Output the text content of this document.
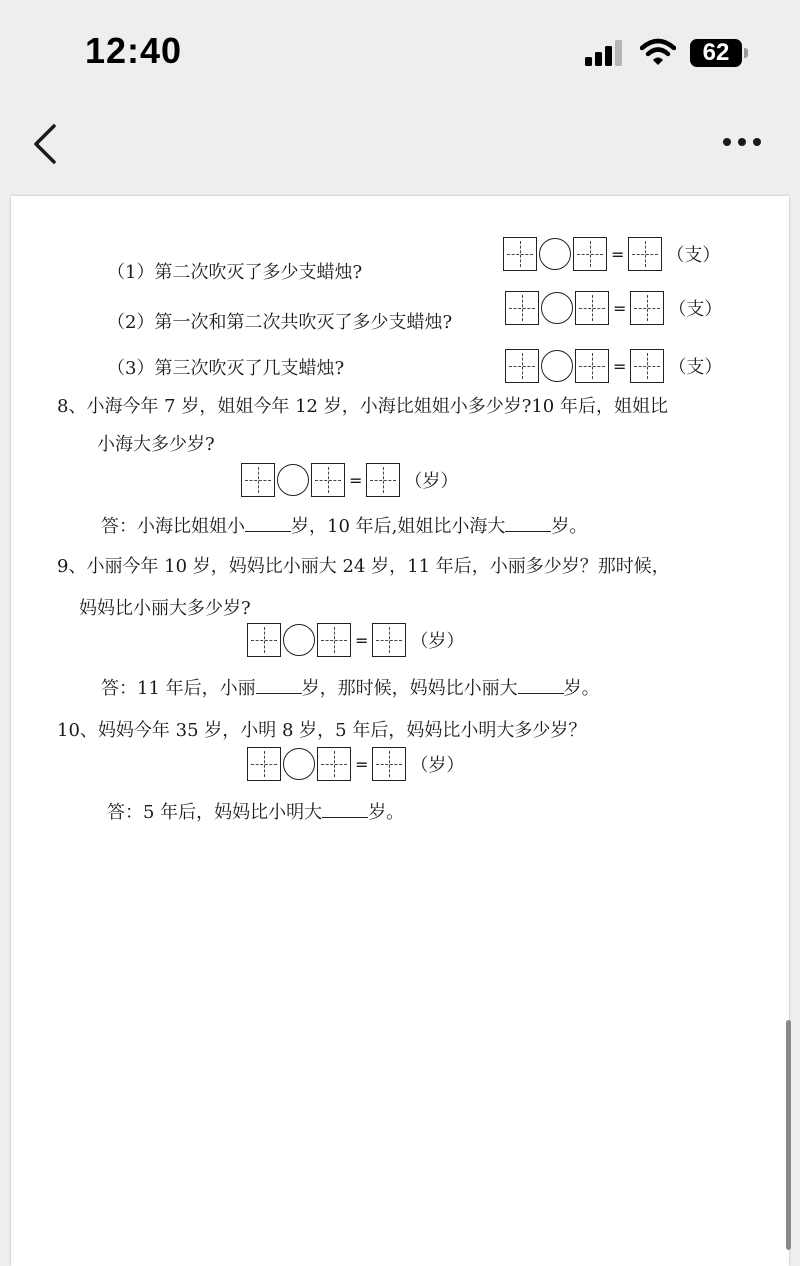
12:40	62
（1）第二次吹灭了多少支蜡烛?
= （支）
（2）第一次和第二次共吹灭了多少支蜡烛?
= （支）
（3）第三次吹灭了几支蜡烛?	= （支）
8、小海今年 7 岁，姐姐今年 12 岁，小海比姐姐小多少岁?10 年后，姐姐比
小海大多少岁?
= （岁）
答：小海比姐姐小	岁，10 年后,姐姐比小海大	岁。
9、小丽今年 10 岁，妈妈比小丽大 24 岁，11 年后，小丽多少岁？那时候，
妈妈比小丽大多少岁?
= （岁）
答：11 年后，小丽	岁，那时候，妈妈比小丽大	岁。
10、妈妈今年 35 岁，小明 8 岁，5 年后，妈妈比小明大多少岁？
= （岁）
答：5 年后，妈妈比小明大	岁。
